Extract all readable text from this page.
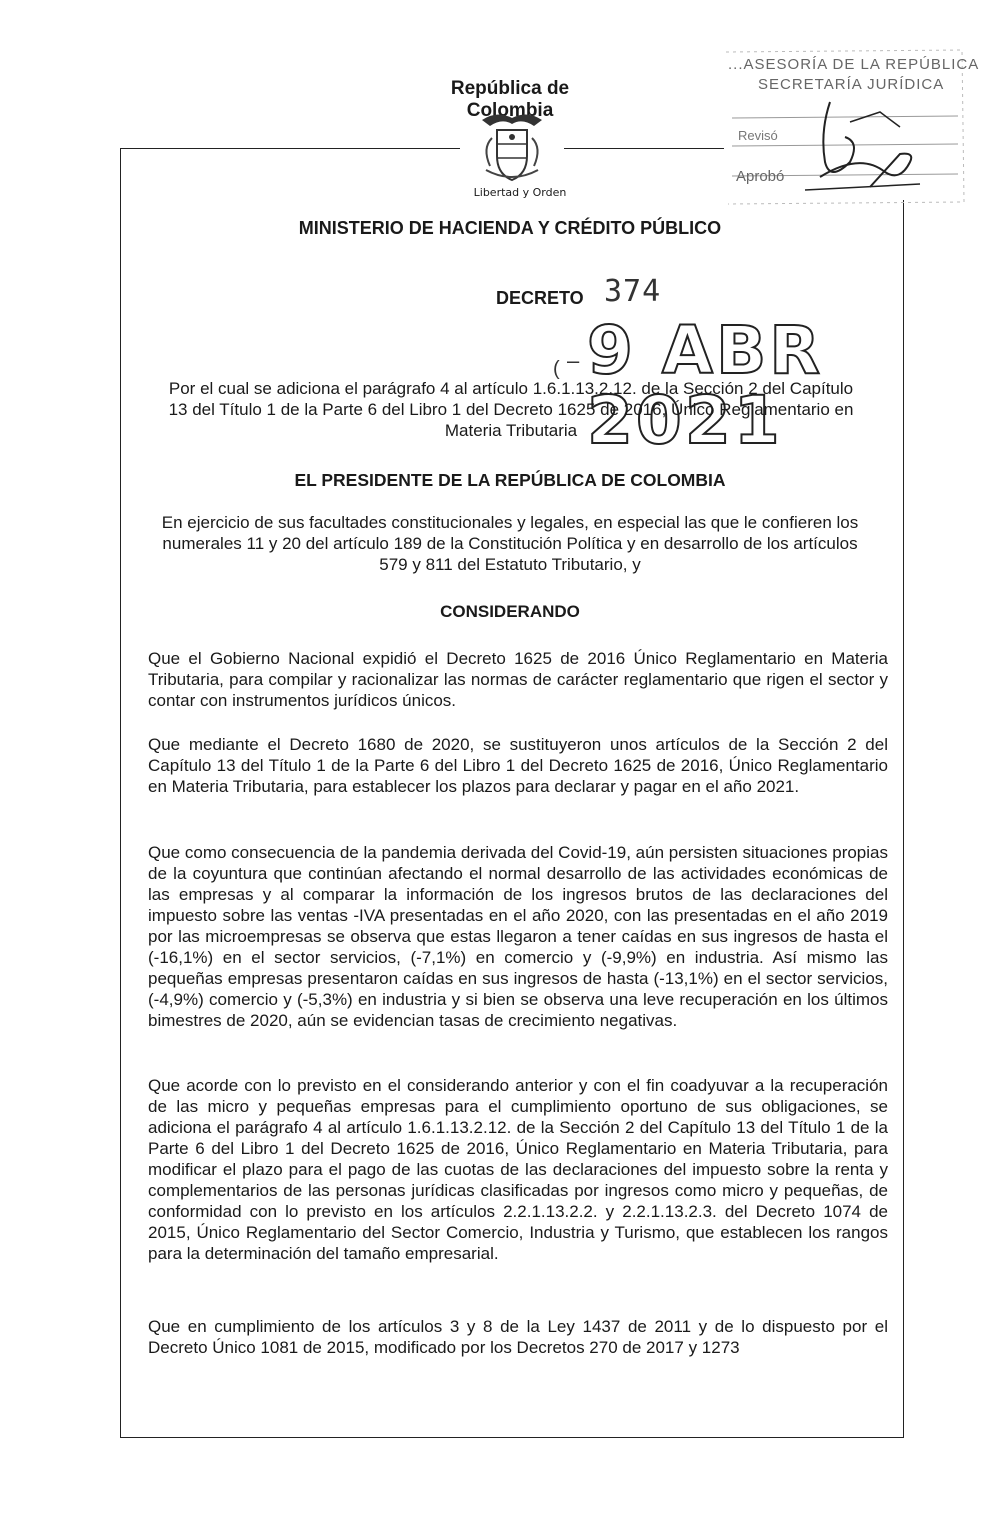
República de
Colombia
Libertad y Orden
...ASESORÍA DE LA REPÚBLICA
SECRETARÍA JURÍDICA
Revisó
Aprobó
MINISTERIO DE HACIENDA Y CRÉDITO PÚBLICO
DECRETO 374
( – 9 ABR 2021
Por el cual se adiciona el parágrafo 4 al artículo 1.6.1.13.2.12. de la Sección 2 del Capítulo 13 del Título 1 de la Parte 6 del Libro 1 del Decreto 1625 de 2016, Único Reglamentario en Materia Tributaria
EL PRESIDENTE DE LA REPÚBLICA DE COLOMBIA
En ejercicio de sus facultades constitucionales y legales, en especial las que le confieren los numerales 11 y 20 del artículo 189 de la Constitución Política y en desarrollo de los artículos 579 y 811 del Estatuto Tributario, y
CONSIDERANDO
Que el Gobierno Nacional expidió el Decreto 1625 de 2016 Único Reglamentario en Materia Tributaria, para compilar y racionalizar las normas de carácter reglamentario que rigen el sector y contar con instrumentos jurídicos únicos.
Que mediante el Decreto 1680 de 2020, se sustituyeron unos artículos de la Sección 2 del Capítulo 13 del Título 1 de la Parte 6 del Libro 1 del Decreto 1625 de 2016, Único Reglamentario en Materia Tributaria, para establecer los plazos para declarar y pagar en el año 2021.
Que como consecuencia de la pandemia derivada del Covid-19, aún persisten situaciones propias de la coyuntura que continúan afectando el normal desarrollo de las actividades económicas de las empresas y al comparar la información de los ingresos brutos de las declaraciones del impuesto sobre las ventas -IVA presentadas en el año 2020, con las presentadas en el año 2019 por las microempresas se observa que estas llegaron a tener caídas en sus ingresos de hasta el (-16,1%) en el sector servicios, (-7,1%) en comercio y (-9,9%) en industria. Así mismo las pequeñas empresas presentaron caídas en sus ingresos de hasta (-13,1%) en el sector servicios, (-4,9%) comercio y (-5,3%) en industria y si bien se observa una leve recuperación en los últimos bimestres de 2020, aún se evidencian tasas de crecimiento negativas.
Que acorde con lo previsto en el considerando anterior y con el fin coadyuvar a la recuperación de las micro y pequeñas empresas para el cumplimiento oportuno de sus obligaciones, se adiciona el parágrafo 4 al artículo 1.6.1.13.2.12. de la Sección 2 del Capítulo 13 del Título 1 de la Parte 6 del Libro 1 del Decreto 1625 de 2016, Único Reglamentario en Materia Tributaria, para modificar el plazo para el pago de las cuotas de las declaraciones del impuesto sobre la renta y complementarios de las personas jurídicas clasificadas por ingresos como micro y pequeñas, de conformidad con lo previsto en los artículos 2.2.1.13.2.2. y 2.2.1.13.2.3. del Decreto 1074 de 2015, Único Reglamentario del Sector Comercio, Industria y Turismo, que establecen los rangos para la determinación del tamaño empresarial.
Que en cumplimiento de los artículos 3 y 8 de la Ley 1437 de 2011 y de lo dispuesto por el Decreto Único 1081 de 2015, modificado por los Decretos 270 de 2017 y 1273
